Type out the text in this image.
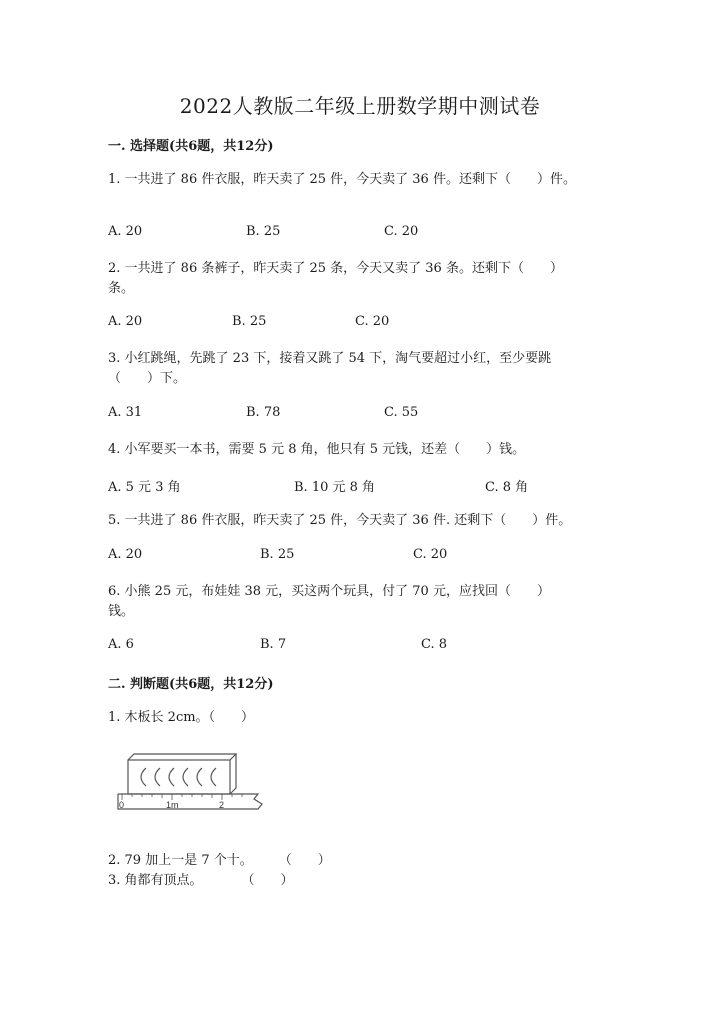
2022人教版二年级上册数学期中测试卷
一. 选择题(共6题，共12分)
1. 一共进了 86 件衣服，昨天卖了 25 件，今天卖了 36 件。还剩下（　　）件。
A. 20	B. 25	C. 20
2. 一共进了 86 条裤子，昨天卖了 25 条，今天又卖了 36 条。还剩下（　　）
条。
A. 20	B. 25	C. 20
3. 小红跳绳，先跳了 23 下，接着又跳了 54 下，淘气要超过小红，至少要跳
（　　）下。
A. 31	B. 78	C. 55
4. 小军要买一本书，需要 5 元 8 角，他只有 5 元钱，还差（　　）钱。
A. 5 元 3 角	B. 10 元 8 角	C. 8 角
5. 一共进了 86 件衣服，昨天卖了 25 件，今天卖了 36 件. 还剩下（　　）件。
A. 20	B. 25	C. 20
6. 小熊 25 元，布娃娃 38 元，买这两个玩具，付了 70 元，应找回（　　）
钱。
A. 6	B. 7	C. 8
二. 判断题(共6题，共12分)
1. 木板长 2cm。（　　）
0	1m	2
2. 79 加上一是 7 个十。　　　（　　）
3. 角都有顶点。　　　　（　　）
